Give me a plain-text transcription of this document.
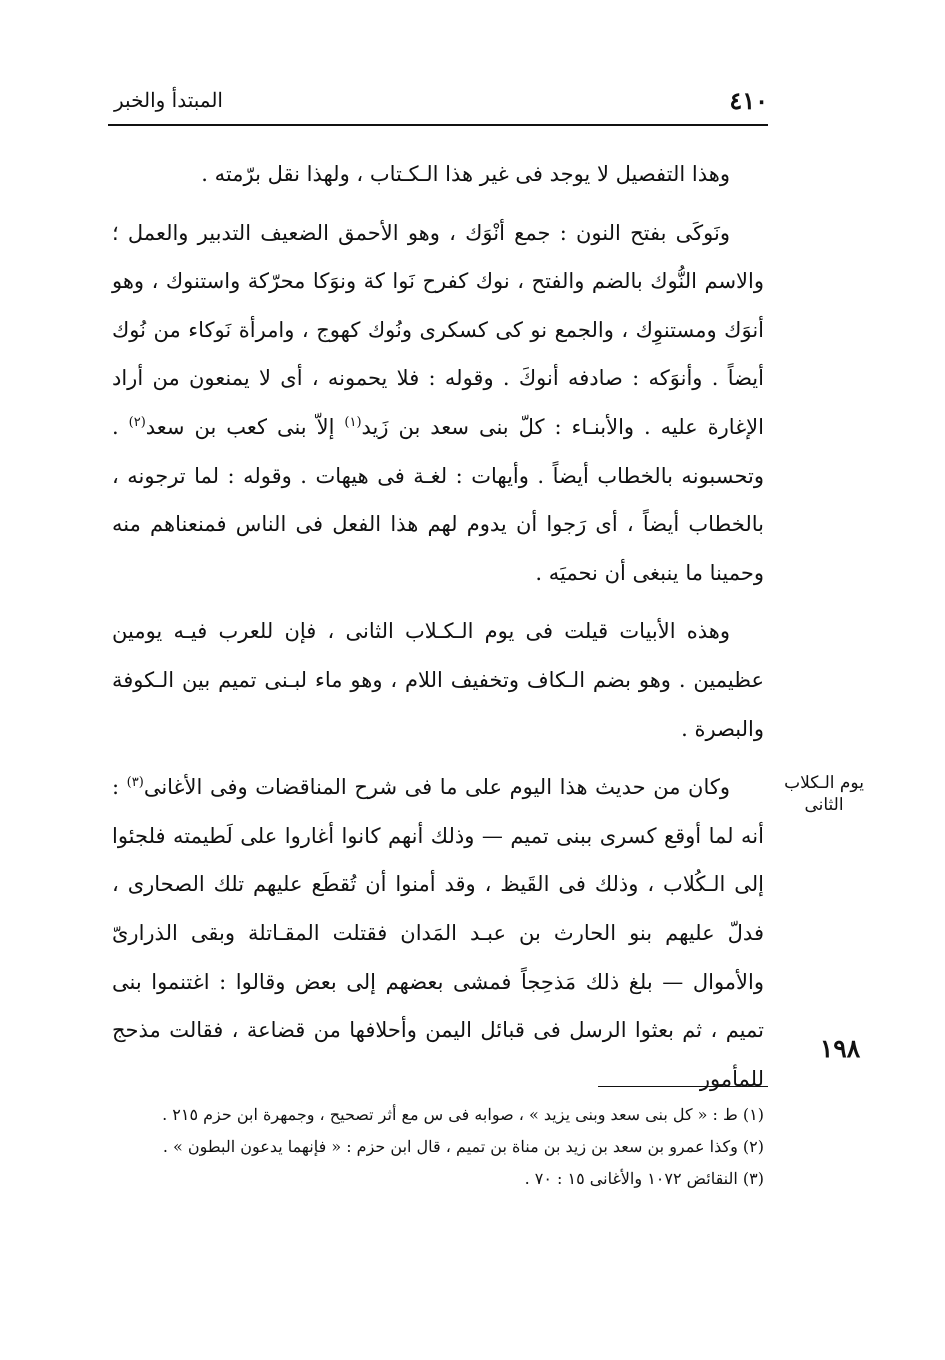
٤١٠
المبتدأ والخبر

وهذا التفصيل لا يوجد فى غير هذا الـكـتاب ، ولهذا نقل برّمته .

ونَوكَى بفتح النون : جمع أنْوَك ، وهو الأحمق الضعيف التدبير والعمل ؛ والاسم النُّوك بالضم والفتح ، نوك كفرح نَوا كة ونوَكا محرّكة واستنوك ، وهو أنوَك ومستنوِك ، والجمع نو كى كسكرى ونُوك كهوج ، وامرأة نَوكاء من نُوك أيضاً . وأنوَكه : صادفه أنوكَ . وقوله : فلا يحمونه ، أى لا يمنعون من أراد الإغارة عليه . والأبنـاء : كلّ بنى سعد بن زَيد$^{(١)}$ إلاّ بنى كعب بن سعد$^{(٢)}$ . وتحسبونه بالخطاب أيضاً . وأيهات : لغـة فى هيهات . وقوله : لما ترجونه ، بالخطاب أيضاً ، أى رَجوا أن يدوم لهم هذا الفعل فى الناس فمنعناهم منه وحمينا ما ينبغى أن نحميَه .

وهذه الأبيات قيلت فى يوم الـكـلاب الثانى ، فإن للعرب فيـه يومين عظيمين . وهو بضم الـكاف وتخفيف اللام ، وهو ماء لبـنى تميم بين الـكوفة والبصرة .

وكان من حديث هذا اليوم على ما فى شرح المناقضات وفى الأغانى$^{(٣)}$ : أنه لما أوقع كسرى ببنى تميم — وذلك أنهم كانوا أغاروا على لَطيمته فلجئوا إلى الـكُلاب ، وذلك فى القَيظ ، وقد أمنوا أن تُقطَع عليهم تلك الصحارى ، فدلّ عليهم بنو الحارث بن عبـد المَدان فقتلت المقـاتلة وبقى الذرارىّ والأموال — بلغ ذلك مَذحِجاً فمشى بعضهم إلى بعض وقالوا : اغتنموا بنى تميم ، ثم بعثوا الرسل فى قبائل اليمن وأحلافها من قضاعة ، فقالت مذحج للمأمور

يوم الـكلاب
الثانى
١٩٨

(١) ط : « كل بنى سعد وبنى يزيد » ، صوابه فى س مع أثر تصحيح ، وجمهرة ابن حزم ٢١٥ .

(٢) وكذا عمرو بن سعد بن زيد بن مناة بن تميم ، قال ابن حزم : « فإنهما يدعون البطون » .

(٣) النقائض ١٠٧٢ والأغانى ١٥ : ٧٠ .
